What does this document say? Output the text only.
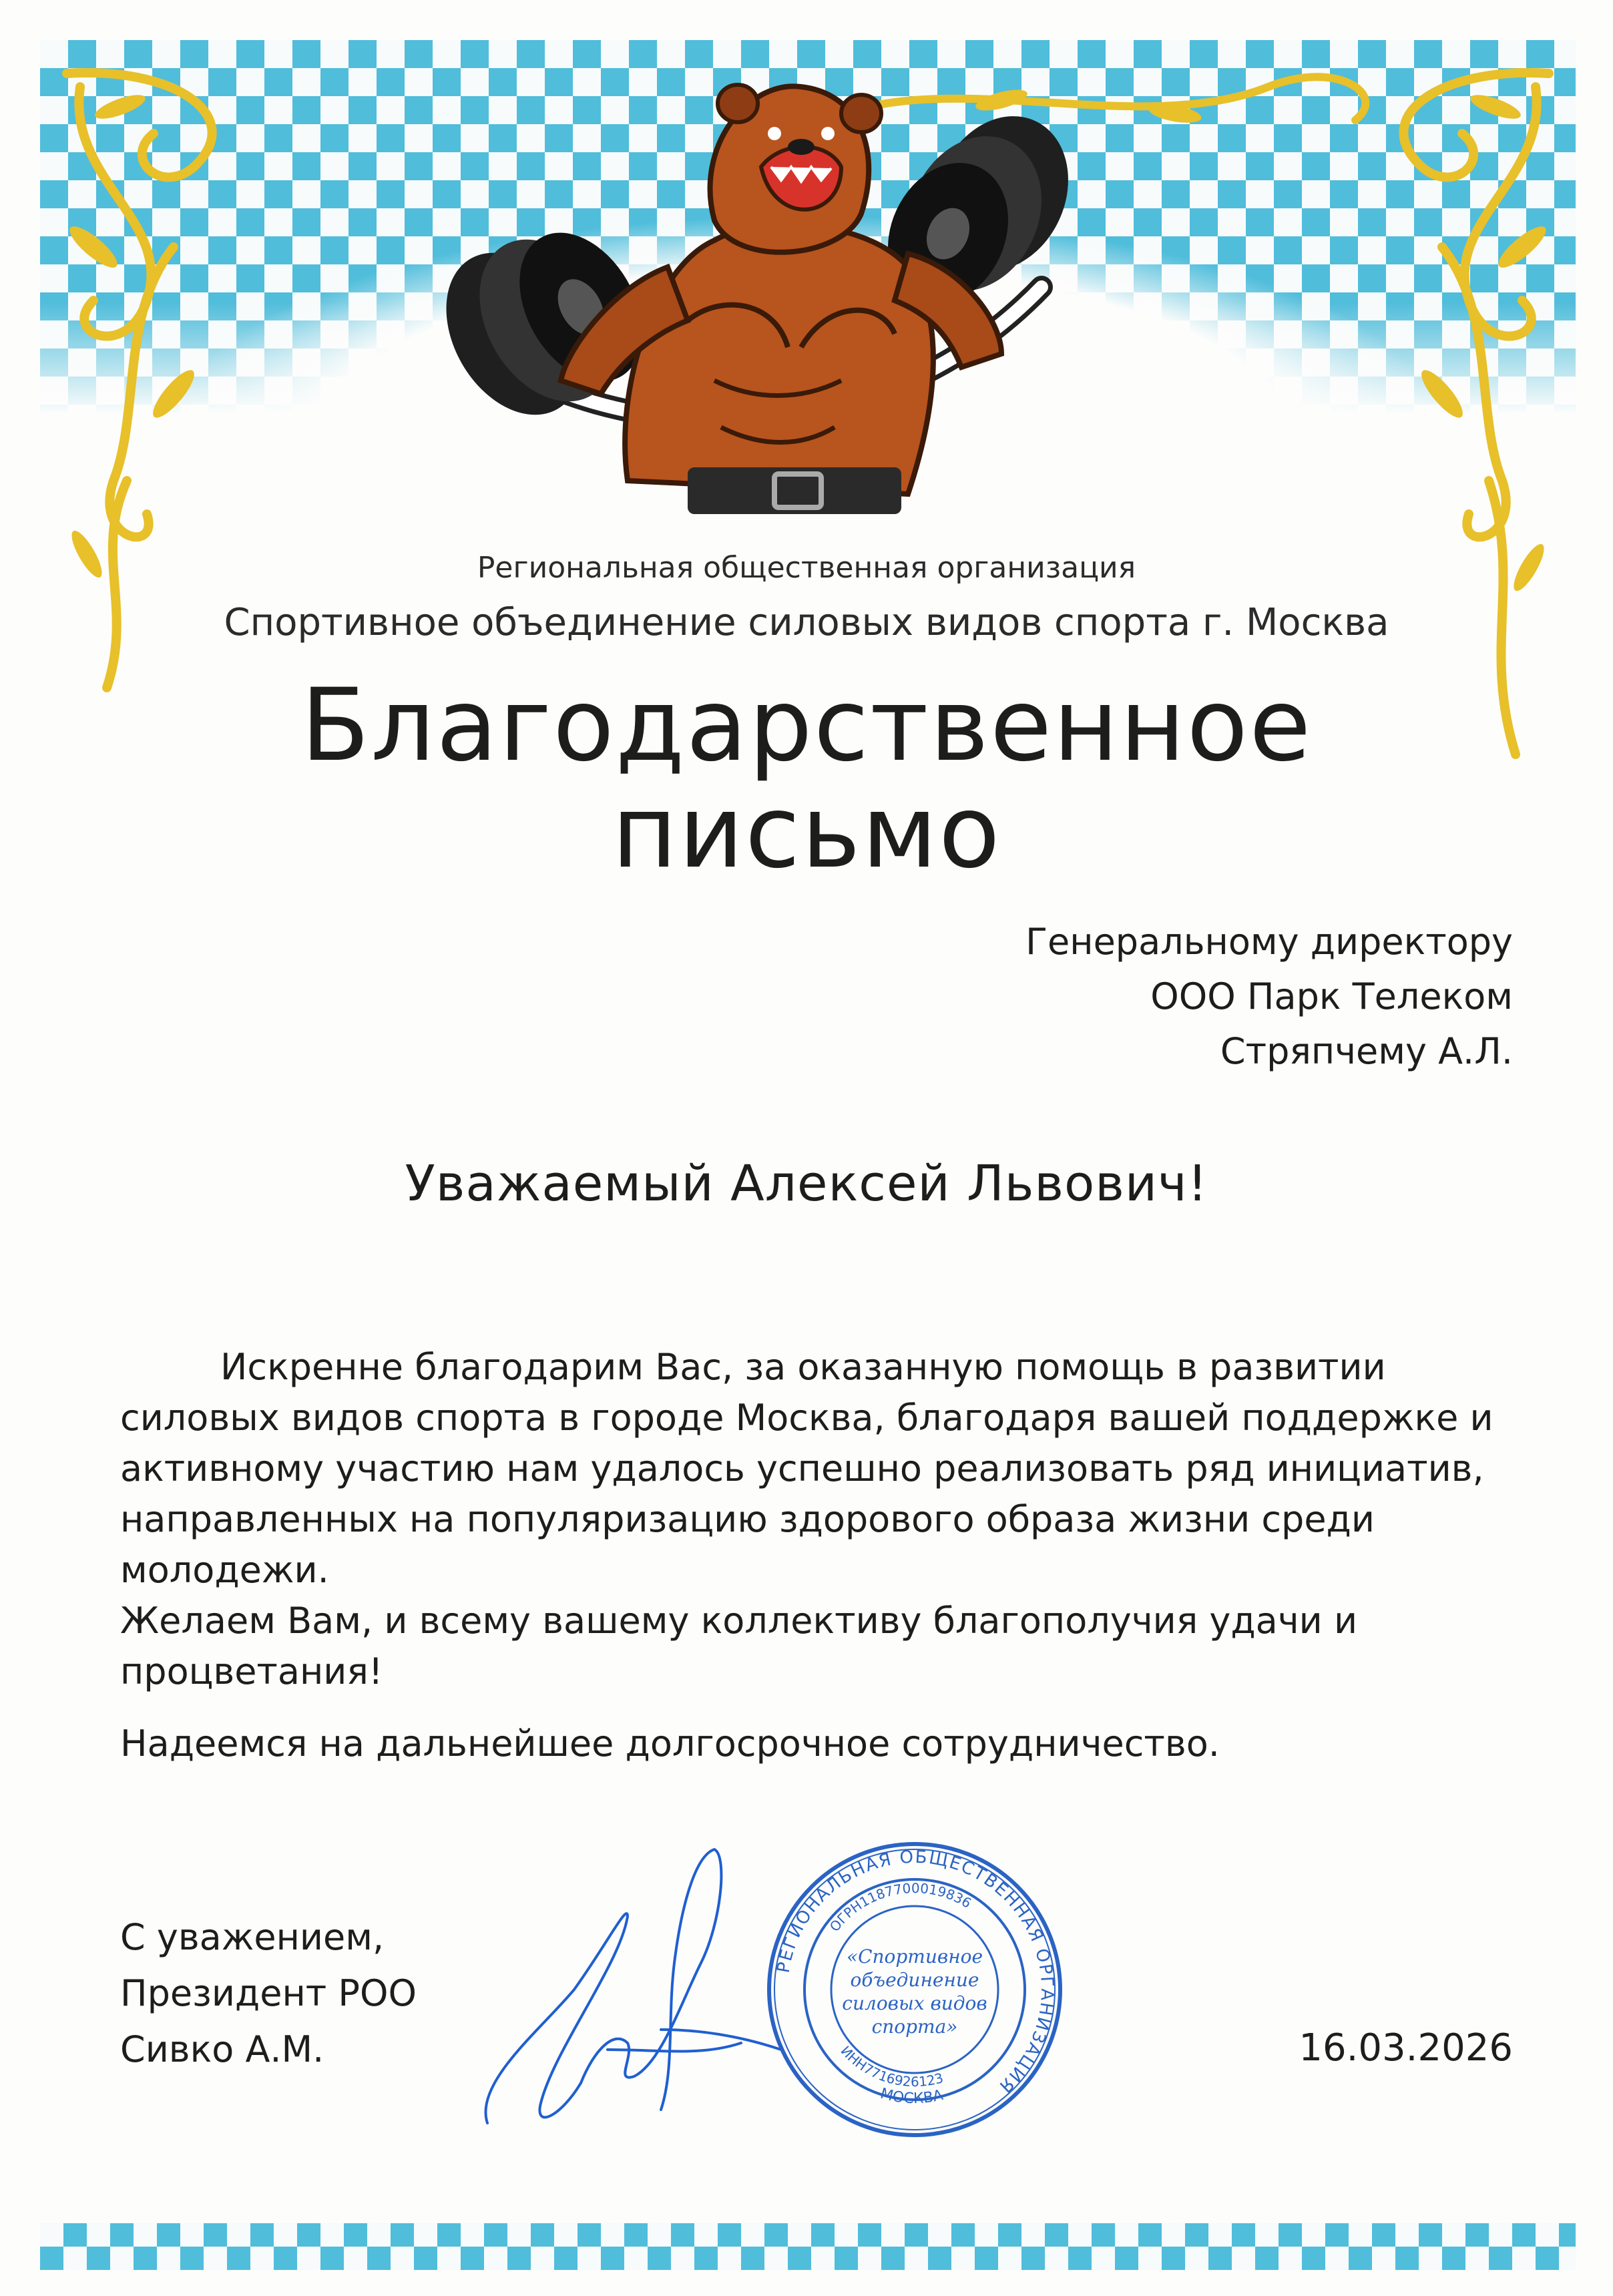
Региональная общественная организация
Спортивное объединение силовых видов спорта г. Москва
Благодарственное
письмо
Генеральному директору
ООО Парк Телеком
Стряпчему А.Л.
Уважаемый Алексей Львович!

Искренне благодарим Вас, за оказанную помощь в развитии силовых видов спорта в городе Москва, благодаря вашей поддержке и активному участию нам удалось успешно реализовать ряд инициатив, направленных на популяризацию здорового образа жизни среди молодежи.

Желаем Вам, и всему вашему коллективу благополучия удачи и процветания!

Надеемся на дальнейшее долгосрочное сотрудничество.
С уважением,
Президент РОО
Сивко А.М.
РЕГИОНАЛЬНАЯ ОБЩЕСТВЕННАЯ ОРГАНИЗАЦИЯ
ОГРН1187700019836
ИНН7716926123
МОСКВА
«Спортивное
объединение
силовых видов
спорта»	16.03.2026
